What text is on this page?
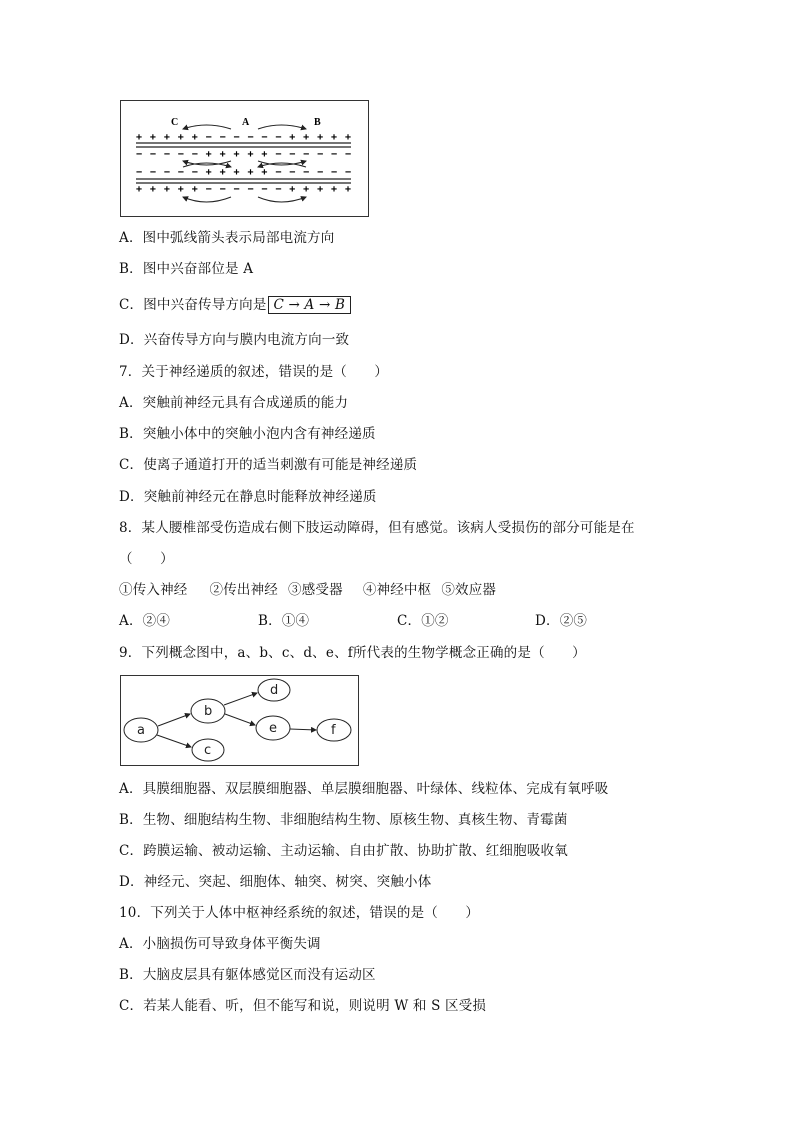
C	A	B
+ + + + + − − − − − − + + + + +
− − − − − + + + + + − − − − − −
− − − − − + + + + + − − − − − −
+ + + + + − − − − − − + + + + +
A．图中弧线箭头表示局部电流方向
B．图中兴奋部位是 A
C．图中兴奋传导方向是 C → A → B
D．兴奋传导方向与膜内电流方向一致
7．关于神经递质的叙述，错误的是（　　）
A．突触前神经元具有合成递质的能力
B．突触小体中的突触小泡内含有神经递质
C．使离子通道打开的适当刺激有可能是神经递质
D．突触前神经元在静息时能释放神经递质
8．某人腰椎部受伤造成右侧下肢运动障碍，但有感觉。该病人受损伤的部分可能是在
（　　）
①传入神经 ②传出神经 ③感受器 ④神经中枢 ⑤效应器
A．②④	B．①④	C．①②	D．②⑤
9．下列概念图中，a、b、c、d、e、f所代表的生物学概念正确的是（　　）
a
b
c
d
e	f
A．具膜细胞器、双层膜细胞器、单层膜细胞器、叶绿体、线粒体、完成有氧呼吸
B．生物、细胞结构生物、非细胞结构生物、原核生物、真核生物、青霉菌
C．跨膜运输、被动运输、主动运输、自由扩散、协助扩散、红细胞吸收氧
D．神经元、突起、细胞体、轴突、树突、突触小体
10．下列关于人体中枢神经系统的叙述，错误的是（　　）
A．小脑损伤可导致身体平衡失调
B．大脑皮层具有躯体感觉区而没有运动区
C．若某人能看、听，但不能写和说，则说明 W 和 S 区受损
